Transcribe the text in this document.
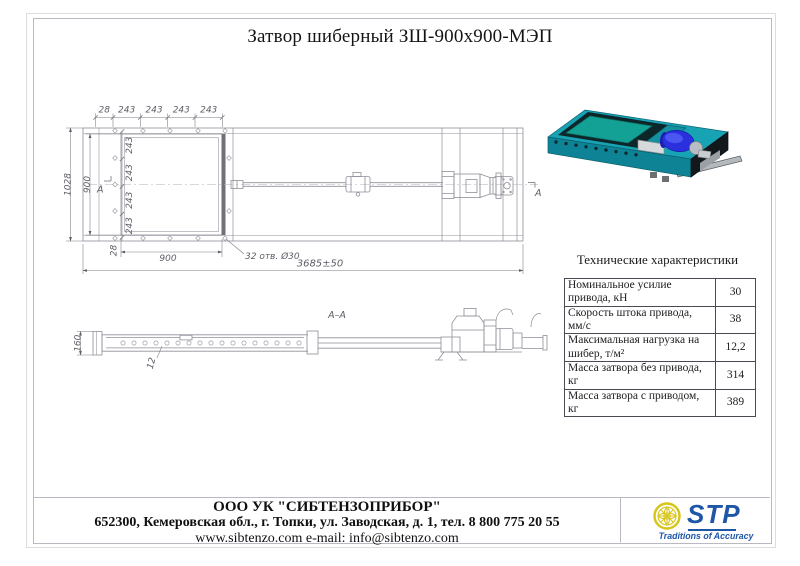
Затвор шиберный ЗШ-900х900-МЭП
28 243 243 243 243
1028 900
243
243
243
243
28
900	32 отв. Ø30
3685±50
А	А
А–А
160
12
Технические характеристики
Номинальное усилие привода, кН	30
Скорость штока привода, мм/с	38
Максимальная нагрузка на шибер, т/м²	12,2
Масса затвора без привода, кг	314
Масса затвора с приводом, кг	389
ООО УК "СИБТЕНЗОПРИБОР"
652300, Кемеровская обл., г. Топки, ул. Заводская, д. 1, тел. 8 800 775 20 55
www.sibtenzo.com e-mail: info@sibtenzo.com
STP
Traditions of Accuracy
